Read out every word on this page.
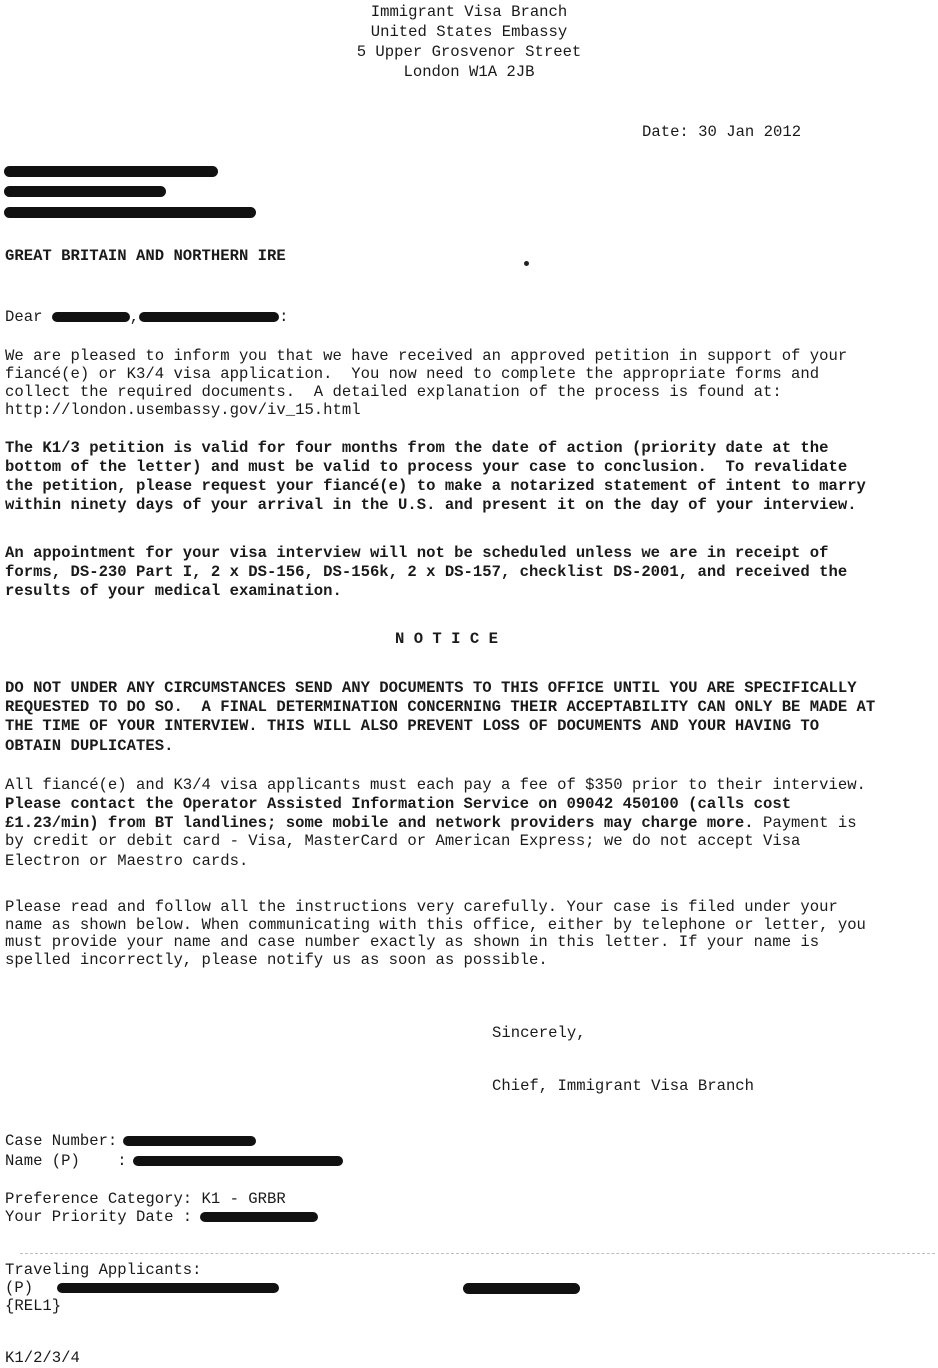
Immigrant Visa Branch
United States Embassy
5 Upper Grosvenor Street
London W1A 2JB
Date: 30 Jan 2012
GREAT BRITAIN AND NORTHERN IRE
Dear	,	:
We are pleased to inform you that we have received an approved petition in support of your
fiancé(e) or K3/4 visa application.  You now need to complete the appropriate forms and
collect the required documents.  A detailed explanation of the process is found at:
http://london.usembassy.gov/iv_15.html
The K1/3 petition is valid for four months from the date of action (priority date at the
bottom of the letter) and must be valid to process your case to conclusion.  To revalidate
the petition, please request your fiancé(e) to make a notarized statement of intent to marry
within ninety days of your arrival in the U.S. and present it on the day of your interview.
An appointment for your visa interview will not be scheduled unless we are in receipt of
forms, DS-230 Part I, 2 x DS-156, DS-156k, 2 x DS-157, checklist DS-2001, and received the
results of your medical examination.
N O T I C E
DO NOT UNDER ANY CIRCUMSTANCES SEND ANY DOCUMENTS TO THIS OFFICE UNTIL YOU ARE SPECIFICALLY
REQUESTED TO DO SO.  A FINAL DETERMINATION CONCERNING THEIR ACCEPTABILITY CAN ONLY BE MADE AT
THE TIME OF YOUR INTERVIEW. THIS WILL ALSO PREVENT LOSS OF DOCUMENTS AND YOUR HAVING TO
OBTAIN DUPLICATES.
All fiancé(e) and K3/4 visa applicants must each pay a fee of $350 prior to their interview.
Please contact the Operator Assisted Information Service on 09042 450100 (calls cost
£1.23/min) from BT landlines; some mobile and network providers may charge more. Payment is
by credit or debit card - Visa, MasterCard or American Express; we do not accept Visa
Electron or Maestro cards.
Please read and follow all the instructions very carefully. Your case is filed under your
name as shown below. When communicating with this office, either by telephone or letter, you
must provide your name and case number exactly as shown in this letter. If your name is
spelled incorrectly, please notify us as soon as possible.
Sincerely,
Chief, Immigrant Visa Branch
Case Number:
Name (P)    :
Preference Category: K1 - GRBR
Your Priority Date :
Traveling Applicants:
(P)
{REL1}
K1/2/3/4
